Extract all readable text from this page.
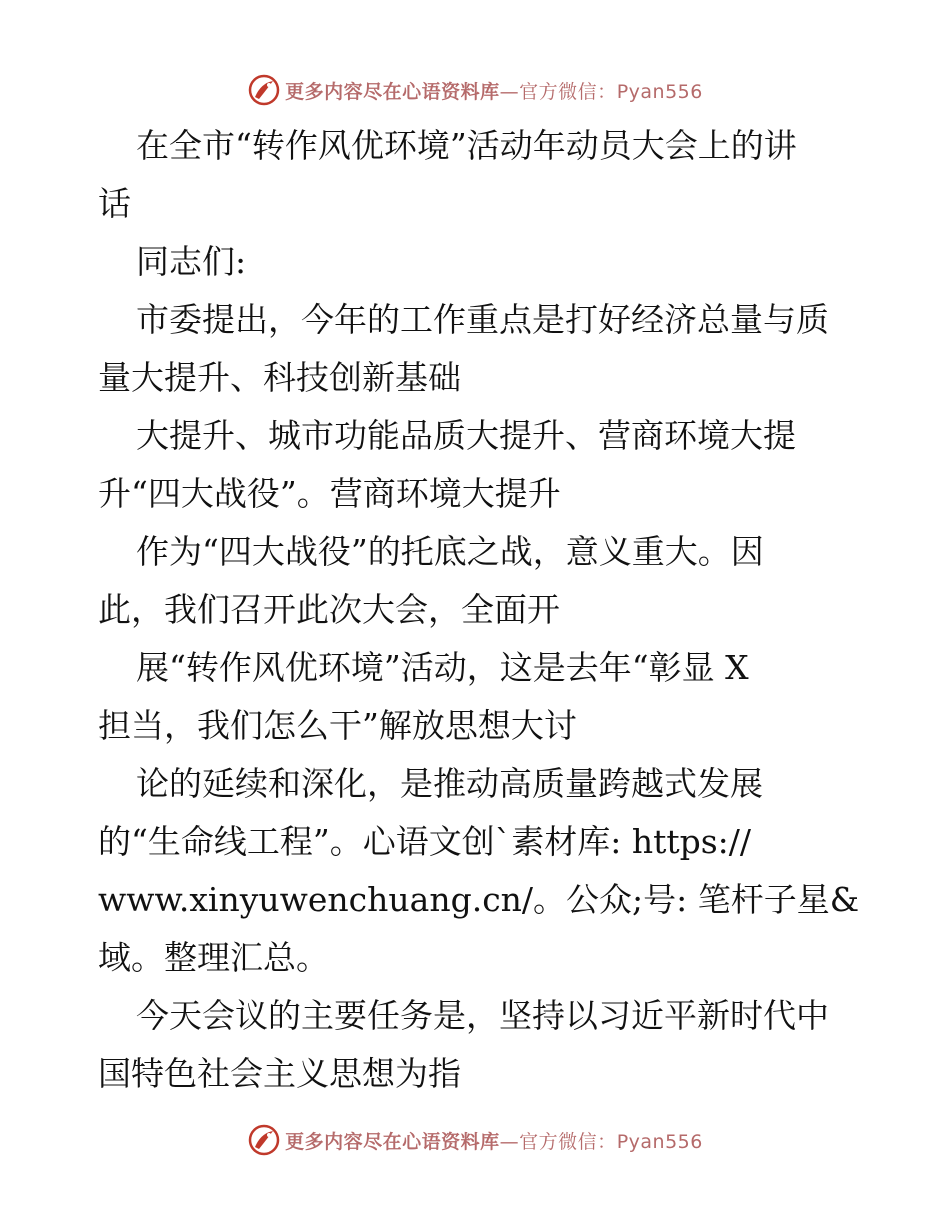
更多内容尽在心语资料库—官方微信：Pyan556

在全市“转作风优环境”活动年动员大会上的讲
话

同志们:

市委提出，今年的工作重点是打好经济总量与质
量大提升、科技创新基础
大提升、城市功能品质大提升、营商环境大提
升“四大战役”。营商环境大提升
作为“四大战役”的托底之战，意义重大。因
此，我们召开此次大会，全面开
展“转作风优环境”活动，这是去年“彰显 X
担当，我们怎么干”解放思想大讨
论的延续和深化，是推动高质量跨越式发展
的“生命线工程”。心语文创`素材库: https://
www.xinyuwenchuang.cn/。公众;号: 笔杆子星&
域。整理汇总。

今天会议的主要任务是，坚持以习近平新时代中
国特色社会主义思想为指

更多内容尽在心语资料库—官方微信：Pyan556
